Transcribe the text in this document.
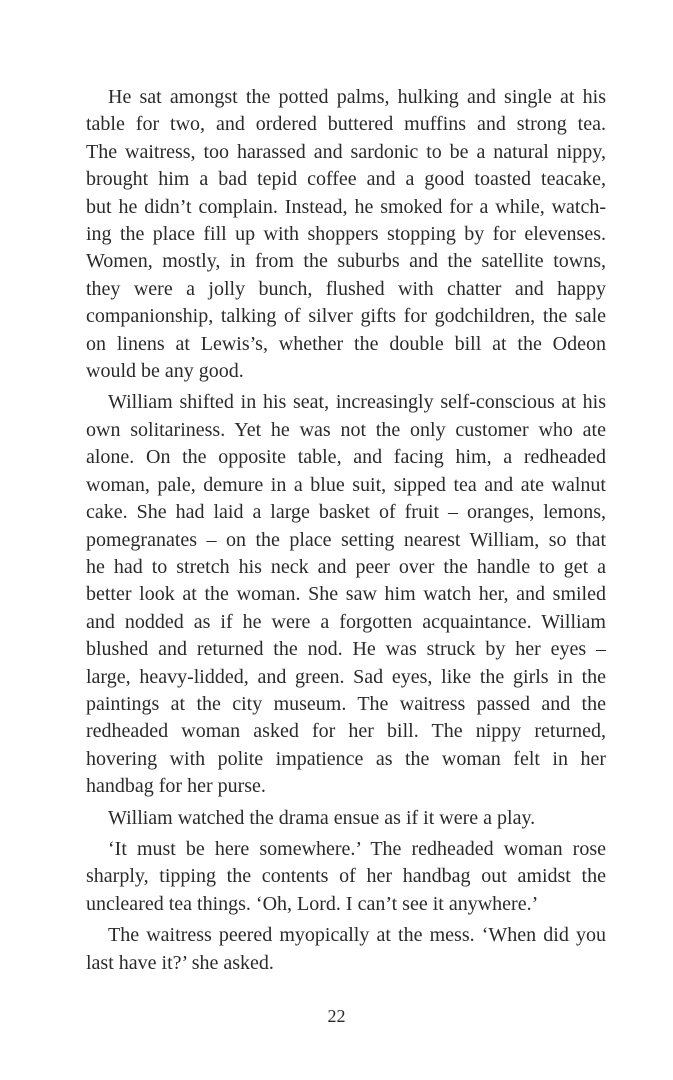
He sat amongst the potted palms, hulking and single at his
table for two, and ordered buttered muffins and strong tea.
The waitress, too harassed and sardonic to be a natural nippy,
brought him a bad tepid coffee and a good toasted teacake,
but he didn’t complain. Instead, he smoked for a while, watch-
ing the place fill up with shoppers stopping by for elevenses.
Women, mostly, in from the suburbs and the satellite towns,
they were a jolly bunch, flushed with chatter and happy
companionship, talking of silver gifts for godchildren, the sale
on linens at Lewis’s, whether the double bill at the Odeon
would be any good.
William shifted in his seat, increasingly self-conscious at his
own solitariness. Yet he was not the only customer who ate
alone. On the opposite table, and facing him, a redheaded
woman, pale, demure in a blue suit, sipped tea and ate walnut
cake. She had laid a large basket of fruit – oranges, lemons,
pomegranates – on the place setting nearest William, so that
he had to stretch his neck and peer over the handle to get a
better look at the woman. She saw him watch her, and smiled
and nodded as if he were a forgotten acquaintance. William
blushed and returned the nod. He was struck by her eyes –
large, heavy-lidded, and green. Sad eyes, like the girls in the
paintings at the city museum. The waitress passed and the
redheaded woman asked for her bill. The nippy returned,
hovering with polite impatience as the woman felt in her
handbag for her purse.
William watched the drama ensue as if it were a play.
‘It must be here somewhere.’ The redheaded woman rose
sharply, tipping the contents of her handbag out amidst the
uncleared tea things. ‘Oh, Lord. I can’t see it anywhere.’
The waitress peered myopically at the mess. ‘When did you
last have it?’ she asked.
22
